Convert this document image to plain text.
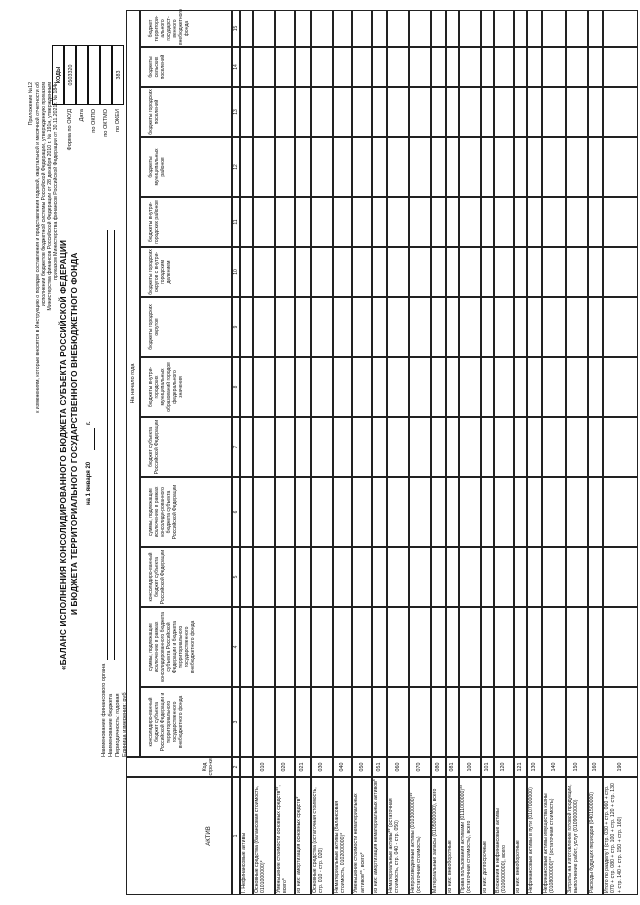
Приложение №12 к изменениям, которые вносятся в Инструкцию о порядке составления и представления годовой, квартальной и месячной отчетности об исполнении бюджетов бюджетной системы Российской Федерации, утвержденную приказом Министерства финансов Российской Федерации от 28 декабря 2010 г. № 191н, утвержденным приказом Министерства финансов Российской Федерации от 30.11.2021г. № 184н
«БАЛАНС ИСПОЛНЕНИЯ КОНСОЛИДИРОВАННОГО БЮДЖЕТА СУБЪЕКТА РОССИЙСКОЙ ФЕДЕРАЦИИ И БЮДЖЕТА ТЕРРИТОРИАЛЬНОГО ГОСУДАРСТВЕННОГО ВНЕБЮДЖЕТНОГО ФОНДА на 1 января 20
г.
Наименование финансового органа Наименование бюджета Периодичность: годовая Единица измерения: руб
КОДЫ	0503320
Форма по ОКУД Дата по ОКПО по ОКТМО
383
по ОКЕИ
АКТИВ
Код стро-ки
На начало года
консолидиро-ванный бюджет субъекта Российской Федерации и территориального государственного внебюджетного фонда
суммы, подлежащие исключению в рамках консолидированного бюджета субъекта Российской Федерации и бюджета территориального государственного внебюджетного фонда
консолидиро-ванный бюджет субъекта Российской Федерации
суммы, подлежащие исключению в рамках консолиди-рованного бюджета субъекта Российской Федерации
бюджет субъекта Российской Федерации
бюджеты внутри-городских муниципальных образований городов федерального значения
бюджеты городских округов
бюджеты городских округов с внутри-городским делением
бюджеты внутри-городских районов
бюджеты муниципальных районов
бюджеты городских поселений
бюджеты сельских поселений
бюджет территори-ального государст-венного внебюджетного фонда
1
2
3
4
5
6
7
8
9
10
11
12
13
14
15
I. Нефинансовые активы	Основные средства (балансовая стоимость, 0101000000)*
010
Уменьшение стоимости основных средств**, всего*
020
из них: амортизация основных средств*
021
Основные средства (остаточная стоимость, стр. 010 - стр. 020)
030
Нематериальные активы (балансовая стоимость, 0102000000)*
040
Уменьшение стоимости нематериальных активов**, всего*
050
из них: амортизация нематериальных активов*
051
Нематериальные активы** (остаточная стоимость, стр. 040 - стр. 050)
060
Непроизведенные активы (0103000000)** (остаточная стоимость)
070
Материальные запасы (0105000000), всего
080
из них: внеоборотные
081
Права пользования активами (0111000000)** (остаточная стоимость), всего
100
из них: долгосрочные
101
Вложения в нефинансовые активы (0106000000), всего
120
из них: внеоборотные
121
Нефинансовые активы в пути (0107000000)
130
Нефинансовые активы имущества казны (0108000000)** (остаточная стоимость)
140
Затраты на изготовление готовой продукции, выполнение работ, услуг (0109000000)
150
Расходы будущих периодов (0401500000)
160
Итого по разделу I (стр. 030 + стр. 060 + стр. 070 + стр. 080 + стр. 100 + стр. 120 + стр. 130 + стр. 140 + стр. 150 + стр. 160)
190
